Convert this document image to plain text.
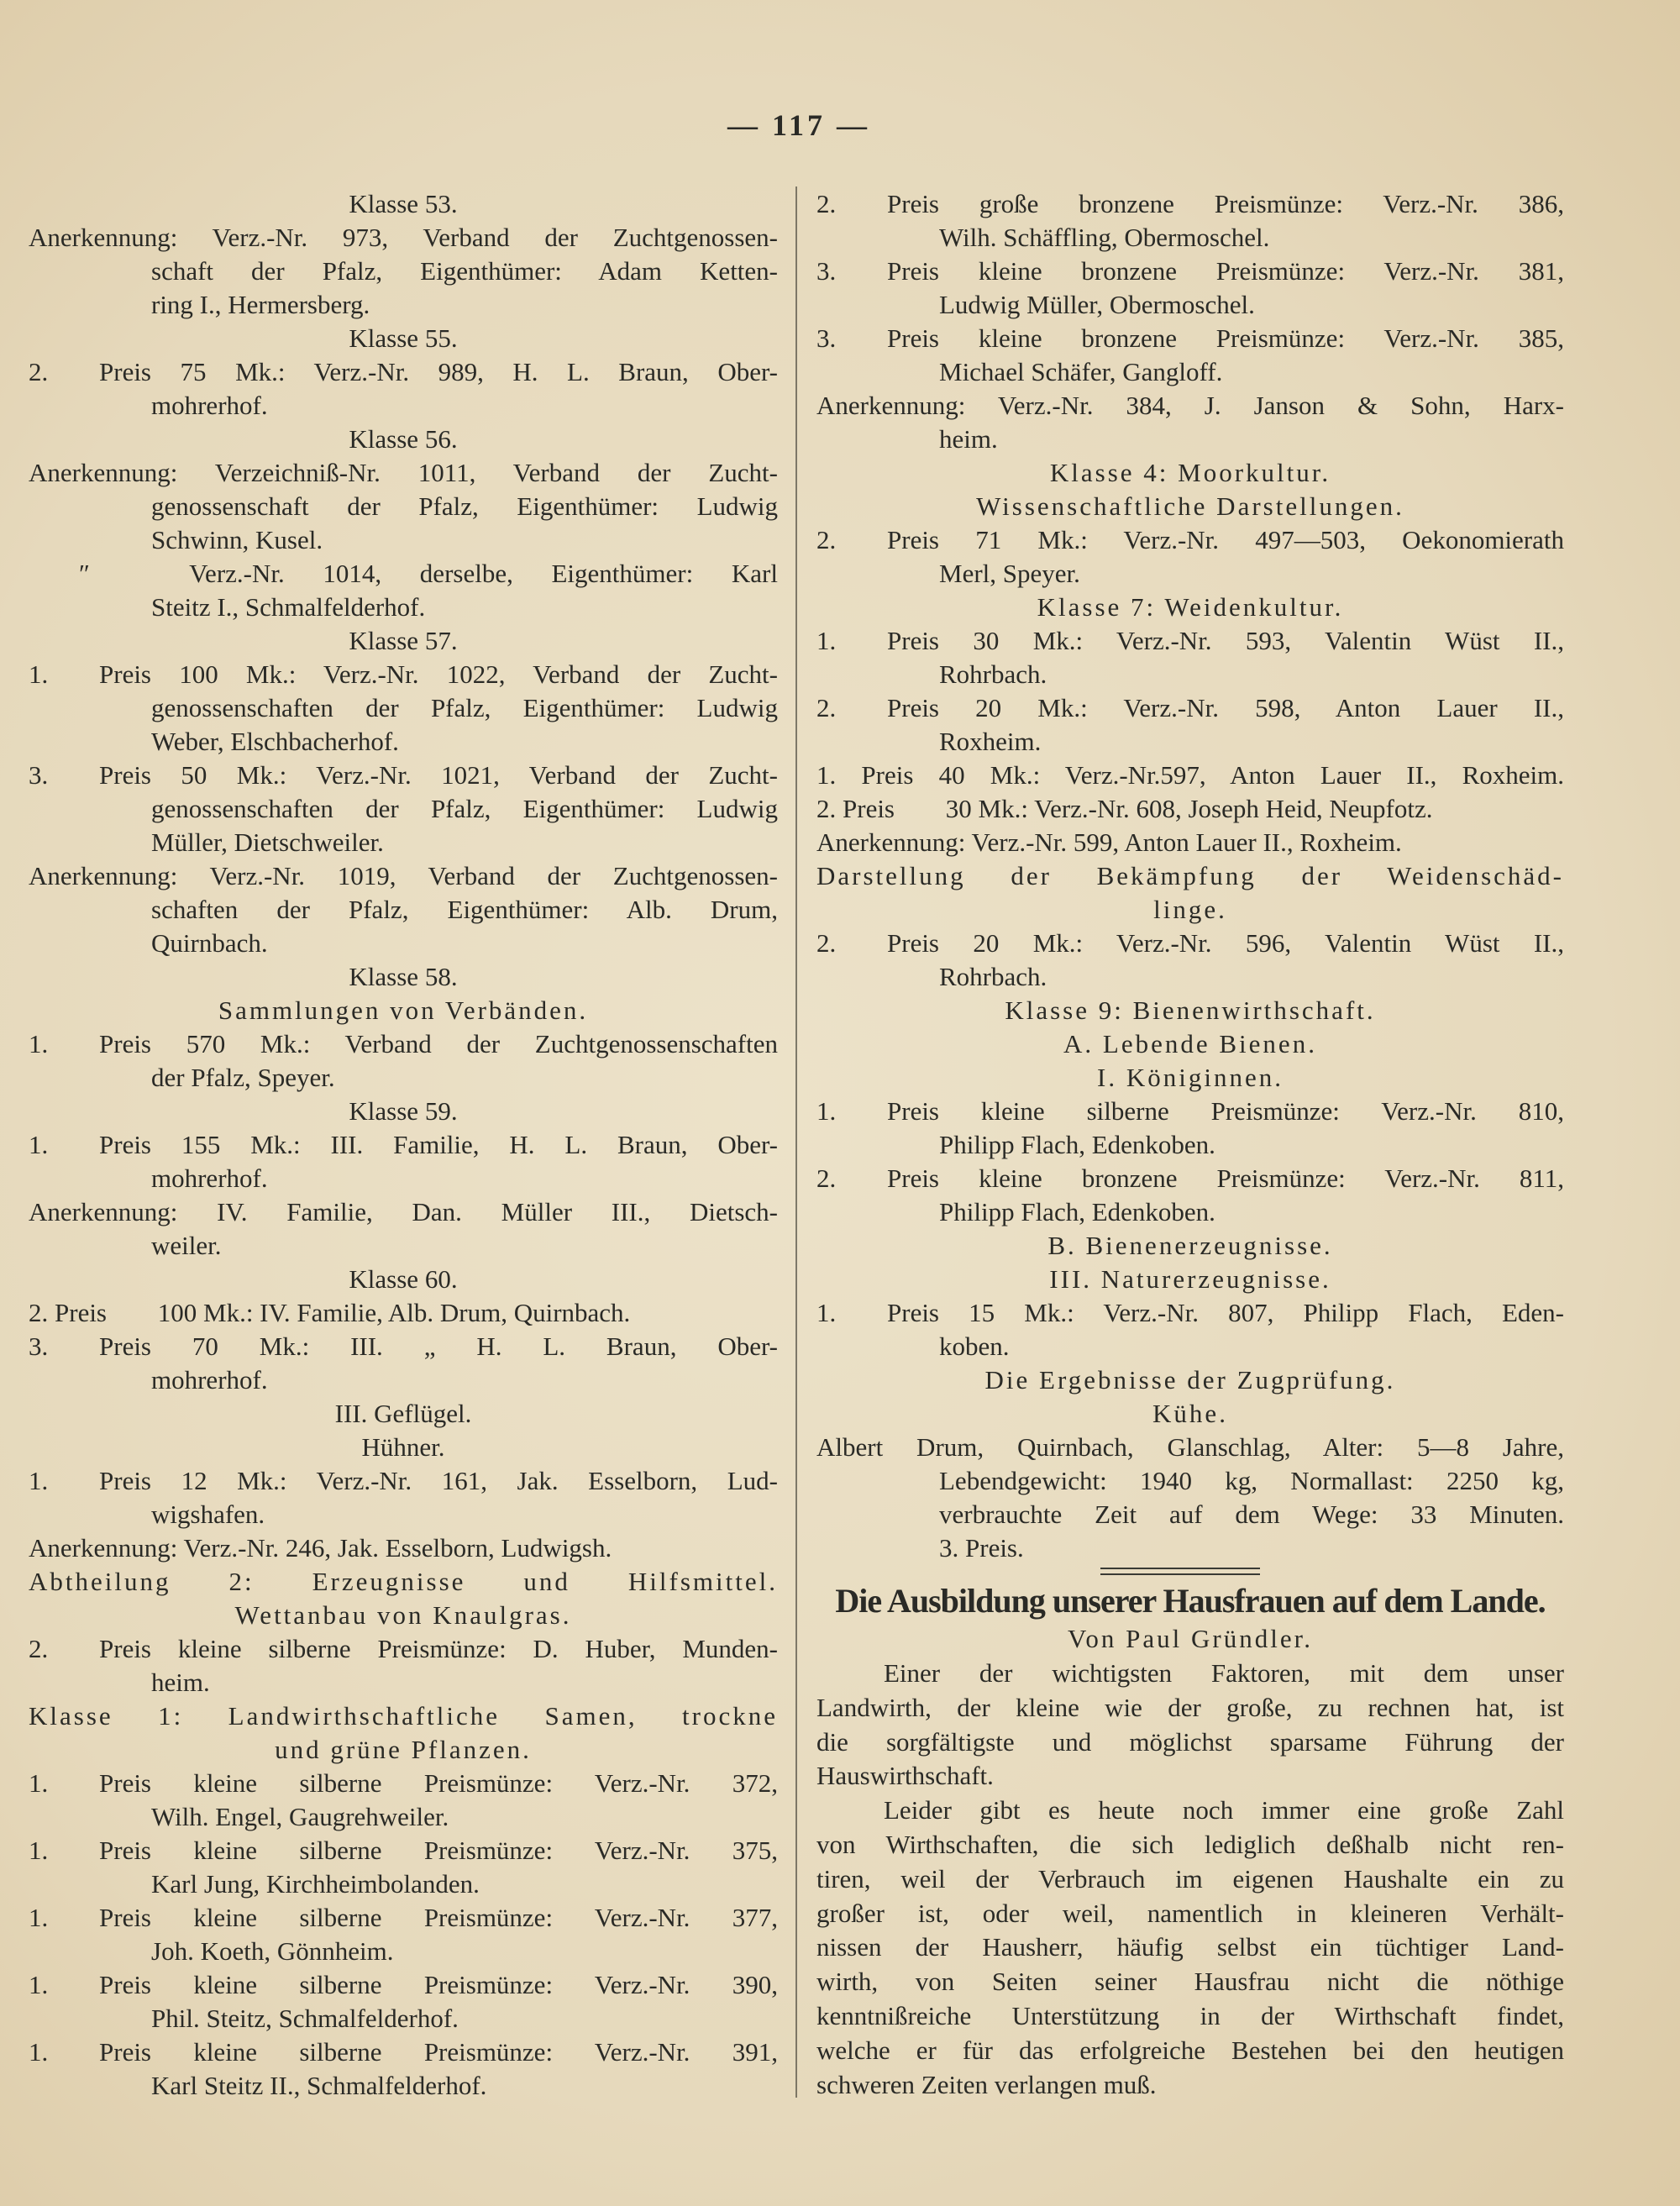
— 117 —
Klasse 53.
Anerkennung: Verz.-Nr. 973, Verband der Zuchtgenossen-
schaft der Pfalz, Eigenthümer: Adam Ketten-
ring I., Hermersberg.
Klasse 55.
2. Preis 75 Mk.: Verz.-Nr. 989, H. L. Braun, Ober-
mohrerhof.
Klasse 56.
Anerkennung: Verzeichniß-Nr. 1011, Verband der Zucht-
genossenschaft der Pfalz, Eigenthümer: Ludwig
Schwinn, Kusel.
″	Verz.-Nr. 1014, derselbe, Eigenthümer: Karl
Steitz I., Schmalfelderhof.
Klasse 57.
1. Preis 100 Mk.: Verz.-Nr. 1022, Verband der Zucht-
genossenschaften der Pfalz, Eigenthümer: Ludwig
Weber, Elschbacherhof.
3. Preis 50 Mk.: Verz.-Nr. 1021, Verband der Zucht-
genossenschaften der Pfalz, Eigenthümer: Ludwig
Müller, Dietschweiler.
Anerkennung: Verz.-Nr. 1019, Verband der Zuchtgenossen-
schaften der Pfalz, Eigenthümer: Alb. Drum,
Quirnbach.
Klasse 58.
Sammlungen von Verbänden.
1. Preis 570 Mk.: Verband der Zuchtgenossenschaften
der Pfalz, Speyer.
Klasse 59.
1. Preis 155 Mk.: III. Familie, H. L. Braun, Ober-
mohrerhof.
Anerkennung: IV. Familie, Dan. Müller III., Dietsch-
weiler.
Klasse 60.
2. Preis 100 Mk.: IV. Familie, Alb. Drum, Quirnbach.
3. Preis 70 Mk.: III. „ H. L. Braun, Ober-
mohrerhof.
III. Geflügel.
Hühner.
1. Preis 12 Mk.: Verz.-Nr. 161, Jak. Esselborn, Lud-
wigshafen.
Anerkennung: Verz.-Nr. 246, Jak. Esselborn, Ludwigsh.
Abtheilung 2: Erzeugnisse und Hilfsmittel.
Wettanbau von Knaulgras.
2. Preis kleine silberne Preismünze: D. Huber, Munden-
heim.
Klasse 1: Landwirthschaftliche Samen, trockne
und grüne Pflanzen.
1. Preis kleine silberne Preismünze: Verz.-Nr. 372,
Wilh. Engel, Gaugrehweiler.
1. Preis kleine silberne Preismünze: Verz.-Nr. 375,
Karl Jung, Kirchheimbolanden.
1. Preis kleine silberne Preismünze: Verz.-Nr. 377,
Joh. Koeth, Gönnheim.
1. Preis kleine silberne Preismünze: Verz.-Nr. 390,
Phil. Steitz, Schmalfelderhof.
1. Preis kleine silberne Preismünze: Verz.-Nr. 391,
Karl Steitz II., Schmalfelderhof.
2. Preis große bronzene Preismünze: Verz.-Nr. 386,
Wilh. Schäffling, Obermoschel.
3. Preis kleine bronzene Preismünze: Verz.-Nr. 381,
Ludwig Müller, Obermoschel.
3. Preis kleine bronzene Preismünze: Verz.-Nr. 385,
Michael Schäfer, Gangloff.
Anerkennung: Verz.-Nr. 384, J. Janson & Sohn, Harx-
heim.
Klasse 4: Moorkultur.
Wissenschaftliche Darstellungen.
2. Preis 71 Mk.: Verz.-Nr. 497—503, Oekonomierath
Merl, Speyer.
Klasse 7: Weidenkultur.
1. Preis 30 Mk.: Verz.-Nr. 593, Valentin Wüst II.,
Rohrbach.
2. Preis 20 Mk.: Verz.-Nr. 598, Anton Lauer II.,
Roxheim.
1. Preis 40 Mk.: Verz.-Nr.597, Anton Lauer II., Roxheim.
2. Preis 30 Mk.: Verz.-Nr. 608, Joseph Heid, Neupfotz.
Anerkennung: Verz.-Nr. 599, Anton Lauer II., Roxheim.
Darstellung der Bekämpfung der Weidenschäd-
linge.
2. Preis 20 Mk.: Verz.-Nr. 596, Valentin Wüst II.,
Rohrbach.
Klasse 9: Bienenwirthschaft.
A. Lebende Bienen.
I. Königinnen.
1. Preis kleine silberne Preismünze: Verz.-Nr. 810,
Philipp Flach, Edenkoben.
2. Preis kleine bronzene Preismünze: Verz.-Nr. 811,
Philipp Flach, Edenkoben.
B. Bienenerzeugnisse.
III. Naturerzeugnisse.
1. Preis 15 Mk.: Verz.-Nr. 807, Philipp Flach, Eden-
koben.
Die Ergebnisse der Zugprüfung.
Kühe.
Albert Drum, Quirnbach, Glanschlag, Alter: 5—8 Jahre,
Lebendgewicht: 1940 kg, Normallast: 2250 kg,
verbrauchte Zeit auf dem Wege: 33 Minuten.
3. Preis.
Die Ausbildung unserer Hausfrauen auf dem Lande.
Von Paul Gründler.
Einer der wichtigsten Faktoren, mit dem unser
Landwirth, der kleine wie der große, zu rechnen hat, ist
die sorgfältigste und möglichst sparsame Führung der
Hauswirthschaft.
Leider gibt es heute noch immer eine große Zahl
von Wirthschaften, die sich lediglich deßhalb nicht ren-
tiren, weil der Verbrauch im eigenen Haushalte ein zu
großer ist, oder weil, namentlich in kleineren Verhält-
nissen der Hausherr, häufig selbst ein tüchtiger Land-
wirth, von Seiten seiner Hausfrau nicht die nöthige
kenntnißreiche Unterstützung in der Wirthschaft findet,
welche er für das erfolgreiche Bestehen bei den heutigen
schweren Zeiten verlangen muß.
